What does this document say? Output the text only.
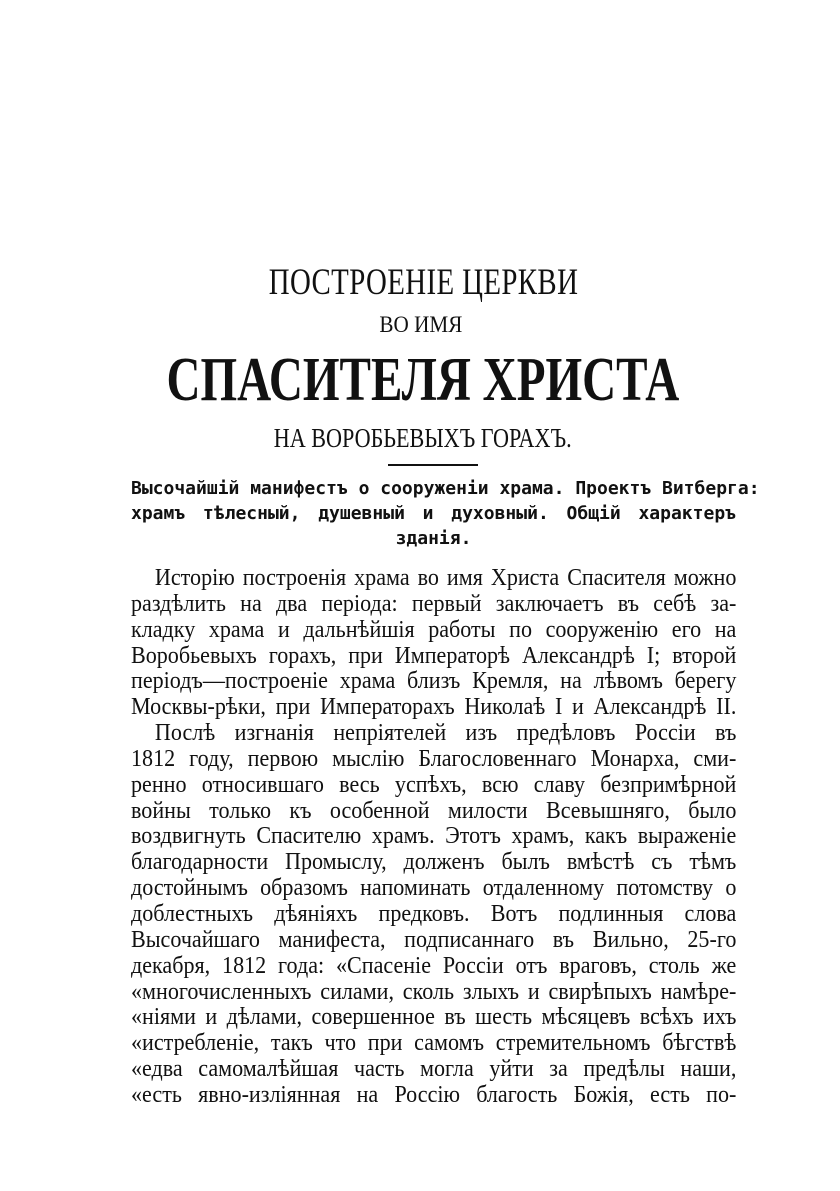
ПОСТРОЕНІЕ ЦЕРКВИ
ВО ИМЯ
СПАСИТЕЛЯ ХРИСТА
НА ВОРОБЬЕВЫХЪ ГОРАХЪ.
Высочайшій манифестъ о сооруженіи храма. Проектъ Витберга:
храмъ тѣлесный, душевный и духовный. Общій характеръ
зданія.
Исторію построенія храма во имя Христа Спасителя можно
раздѣлить на два періода: первый заключаетъ въ себѣ за-
кладку храма и дальнѣйшія работы по сооруженію его на
Воробьевыхъ горахъ, при Императорѣ Александрѣ I; второй
періодъ—построеніе храма близъ Кремля, на лѣвомъ берегу
Москвы-рѣки, при Императорахъ Николаѣ I и Александрѣ II.
Послѣ изгнанія непріятелей изъ предѣловъ Россіи въ
1812 году, первою мыслію Благословеннаго Монарха, сми-
ренно относившаго весь успѣхъ, всю славу безпримѣрной
войны только къ особенной милости Всевышняго, было
воздвигнуть Спасителю храмъ. Этотъ храмъ, какъ выраженіе
благодарности Промыслу, долженъ былъ вмѣстѣ съ тѣмъ
достойнымъ образомъ напоминать отдаленному потомству о
доблестныхъ дѣяніяхъ предковъ. Вотъ подлинныя слова
Высочайшаго манифеста, подписаннаго въ Вильно, 25-го
декабря, 1812 года: «Спасеніе Россіи отъ враговъ, столь же
«многочисленныхъ силами, сколь злыхъ и свирѣпыхъ намѣре-
«ніями и дѣлами, совершенное въ шесть мѣсяцевъ всѣхъ ихъ
«истребленіе, такъ что при самомъ стремительномъ бѣгствѣ
«едва самомалѣйшая часть могла уйти за предѣлы наши,
«есть явно-изліянная на Россію благость Божія, есть по-
